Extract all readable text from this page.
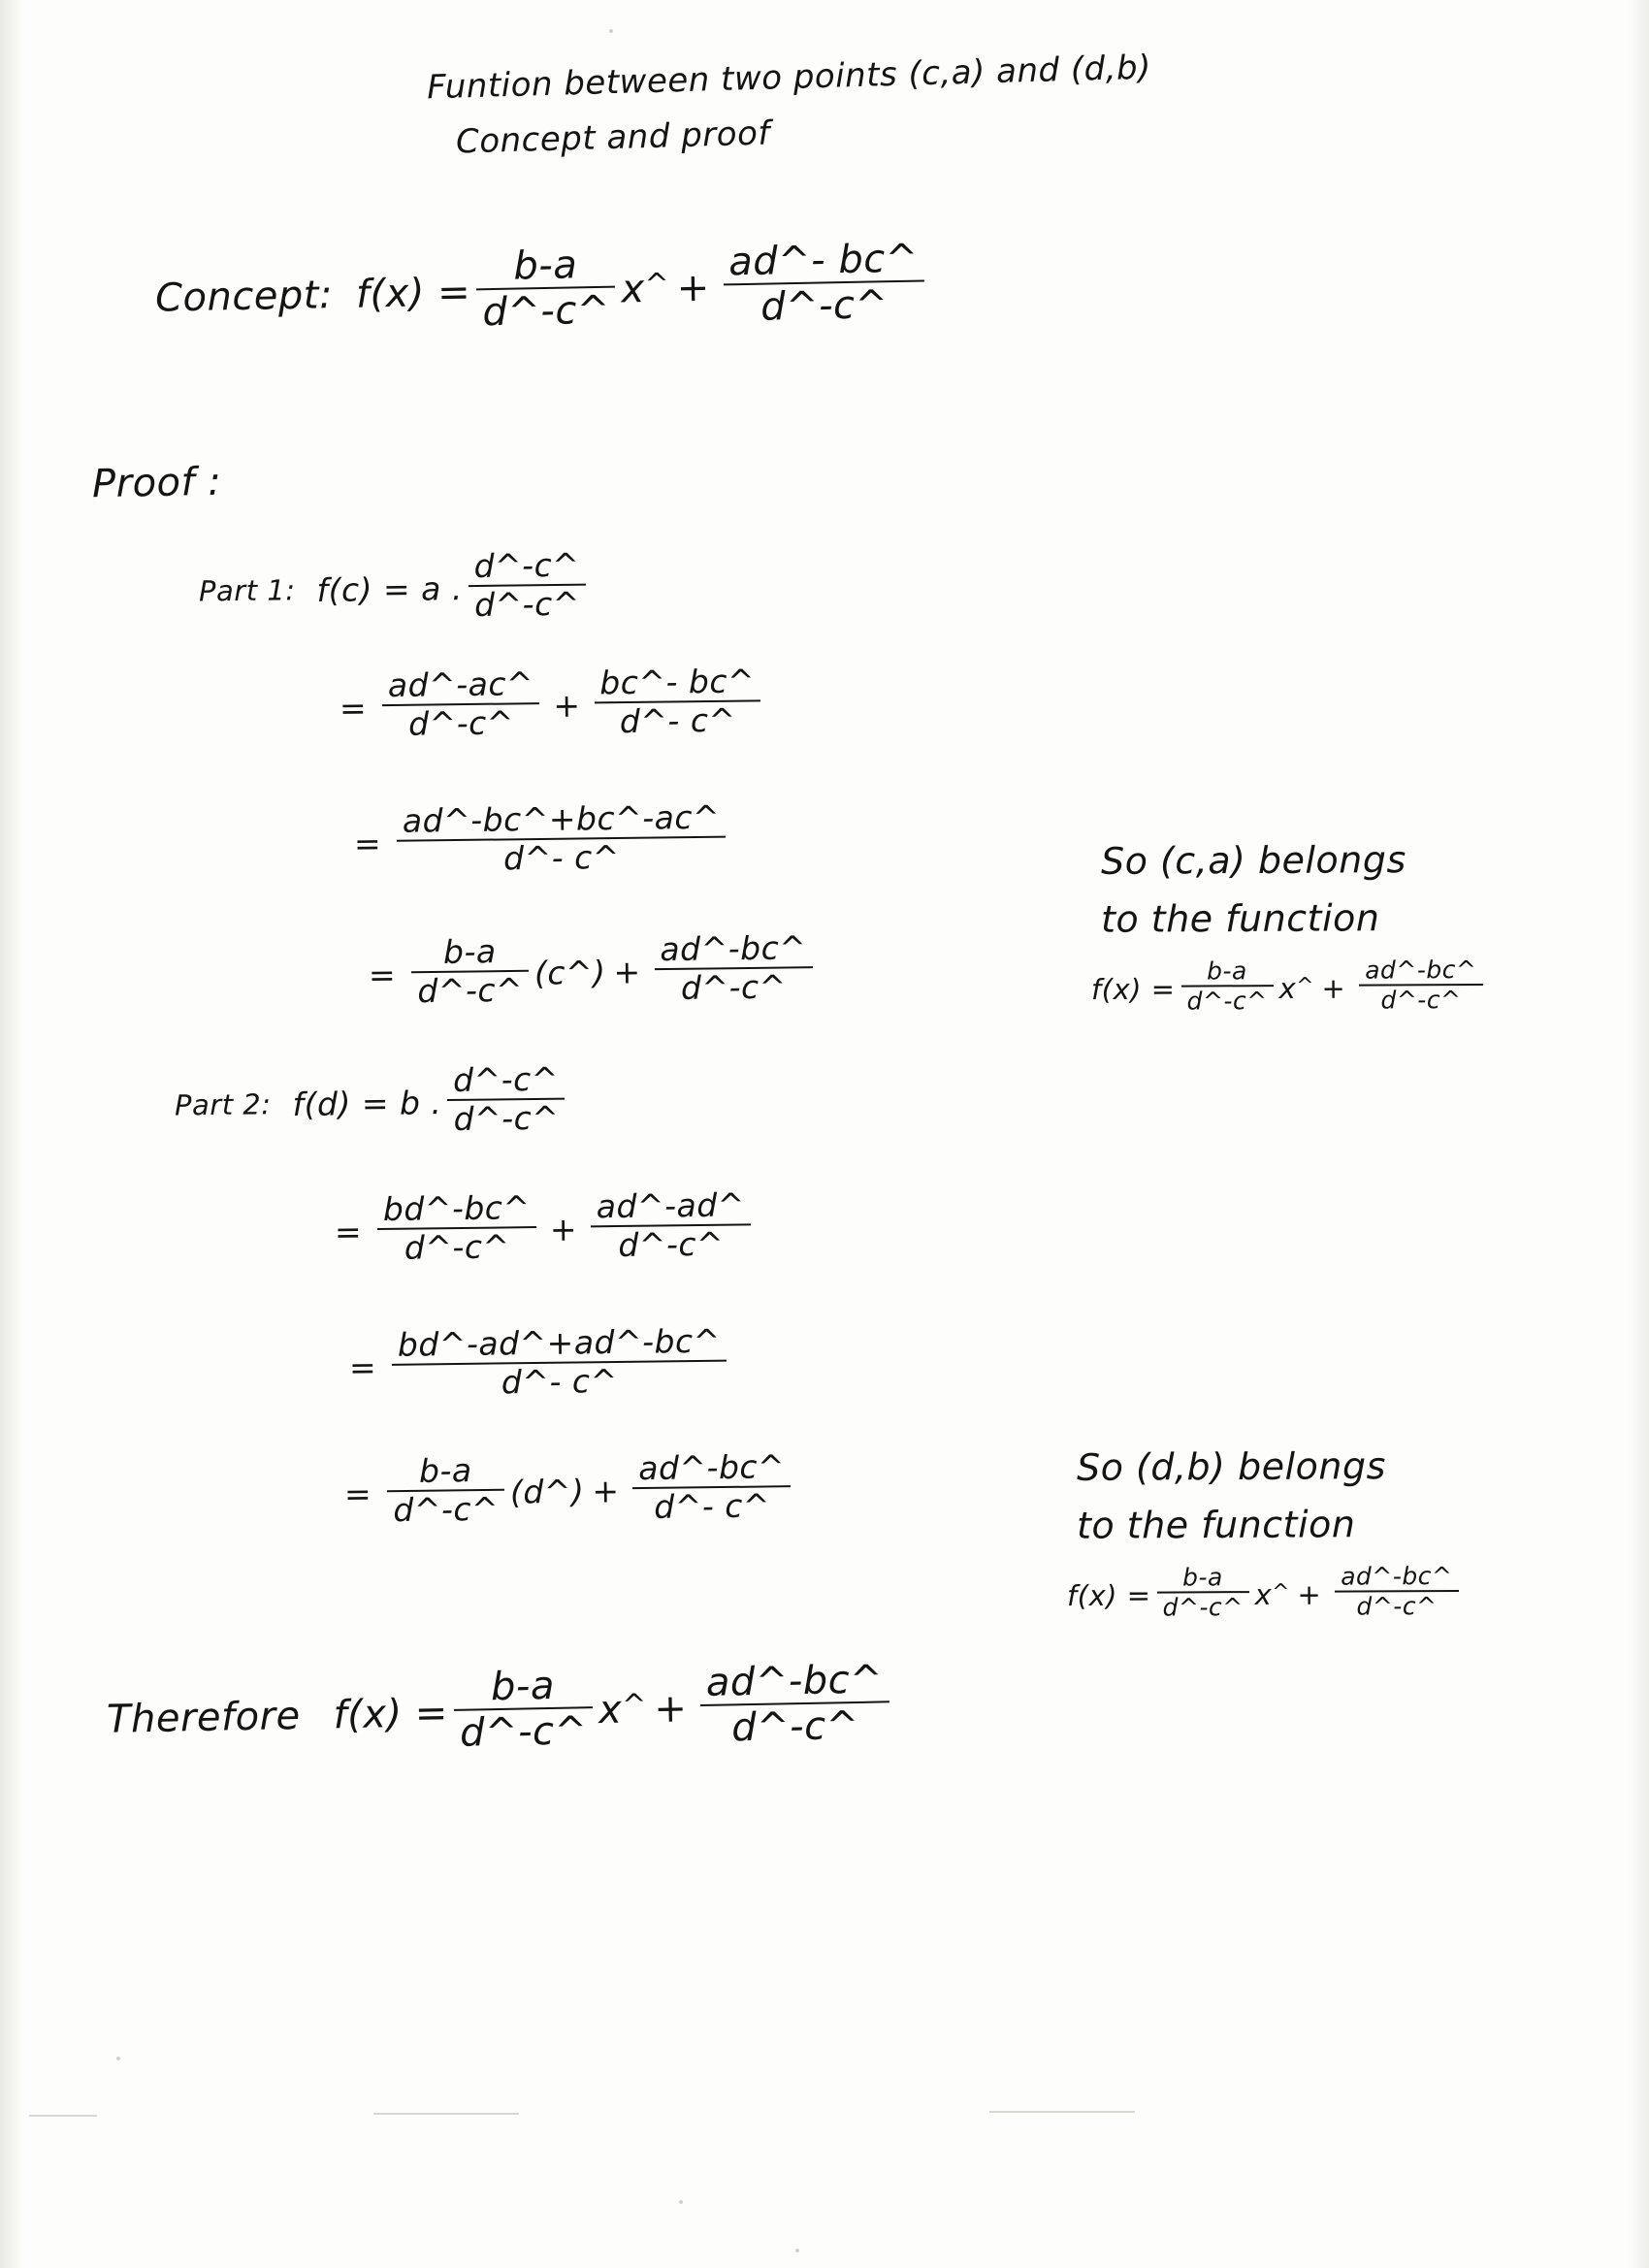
Funtion between two points (c,a) and (d,b)
Concept and proof
Concept: $f(x) = \frac{b-a}{d\^{}-c\^{}}$ x ^ + $\frac{ad\^{}- bc\^{}}{d\^{}-c\^{}}$
Proof :
Part 1: f(c) = a . $\frac{d\^{}-c\^{}}{d\^{}-c\^{}}$
= $\frac{ad\^{}-ac\^{}}{d\^{}-c\^{}} + \frac{bc\^{}- bc\^{}}{d\^{}- c\^{}}$
= $\frac{ad\^{}-bc\^{}+bc\^{}-ac\^{}}{d\^{}- c\^{}}$
= $\frac{b-a}{d\^{}-c\^{}}$ (c^) + $\frac{ad\^{}-bc\^{}}{d\^{}-c\^{}}$
So (c,a) belongs
to the function
$f(x) = \frac{b-a}{d\^{}-c\^{}}$ x ^ + $\frac{ad\^{}-bc\^{}}{d\^{}-c\^{}}$
Part 2: f(d) = b . $\frac{d\^{}-c\^{}}{d\^{}-c\^{}}$
= $\frac{bd\^{}-bc\^{}}{d\^{}-c\^{}} + \frac{ad\^{}-ad\^{}}{d\^{}-c\^{}}$
= $\frac{bd\^{}-ad\^{}+ad\^{}-bc\^{}}{d\^{}- c\^{}}$
= $\frac{b-a}{d\^{}-c\^{}}$ (d^) + $\frac{ad\^{}-bc\^{}}{d\^{}- c\^{}}$	So (d,b) belongs
to the function
$f(x) = \frac{b-a}{d\^{}-c\^{}}$ x ^ + $\frac{ad\^{}-bc\^{}}{d\^{}-c\^{}}$
Therefore $f(x) = \frac{b-a}{d\^{}-c\^{}}$ x ^ + $\frac{ad\^{}-bc\^{}}{d\^{}-c\^{}}$
